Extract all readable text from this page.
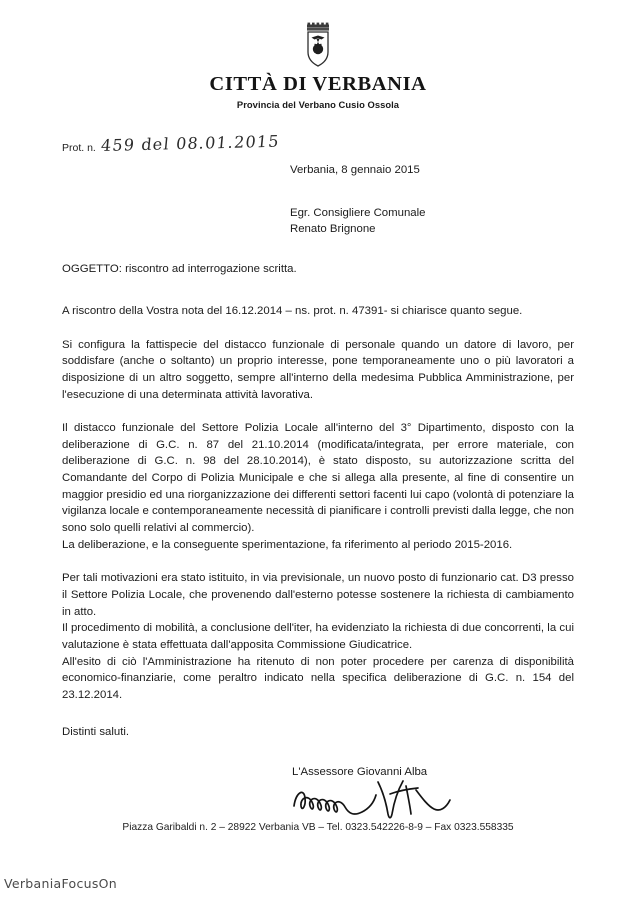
CITTÀ DI VERBANIA
Provincia del Verbano Cusio Ossola
Prot. n. 459 del 08.01.2015
Verbania, 8 gennaio 2015
Egr. Consigliere Comunale
Renato Brignone

OGGETTO: riscontro ad interrogazione scritta.

A riscontro della Vostra nota del 16.12.2014 – ns. prot. n. 47391- si chiarisce quanto segue.

Si configura la fattispecie del distacco funzionale di personale quando un datore di lavoro, per soddisfare (anche o soltanto) un proprio interesse, pone temporaneamente uno o più lavoratori a disposizione di un altro soggetto, sempre all'interno della medesima Pubblica Amministrazione, per l'esecuzione di una determinata attività lavorativa.

Il distacco funzionale del Settore Polizia Locale all'interno del 3° Dipartimento, disposto con la deliberazione di G.C. n. 87 del 21.10.2014 (modificata/integrata, per errore materiale, con deliberazione di G.C. n. 98 del 28.10.2014), è stato disposto, su autorizzazione scritta del Comandante del Corpo di Polizia Municipale e che si allega alla presente, al fine di consentire un maggior presidio ed una riorganizzazione dei differenti settori facenti lui capo (volontà di potenziare la vigilanza locale e contemporaneamente necessità di pianificare i controlli previsti dalla legge, che non sono solo quelli relativi al commercio).

La deliberazione, e la conseguente sperimentazione, fa riferimento al periodo 2015-2016.

Per tali motivazioni era stato istituito, in via previsionale, un nuovo posto di funzionario cat. D3 presso il Settore Polizia Locale, che provenendo dall'esterno potesse sostenere la richiesta di cambiamento in atto.

Il procedimento di mobilità, a conclusione dell'iter, ha evidenziato la richiesta di due concorrenti, la cui valutazione è stata effettuata dall'apposita Commissione Giudicatrice.

All'esito di ciò l'Amministrazione ha ritenuto di non poter procedere per carenza di disponibilità economico-finanziarie, come peraltro indicato nella specifica deliberazione di G.C. n. 154 del 23.12.2014.

Distinti saluti.
L'Assessore Giovanni Alba
Piazza Garibaldi n. 2 – 28922 Verbania VB – Tel. 0323.542226-8-9 – Fax 0323.558335
VerbaniaFocusOn
